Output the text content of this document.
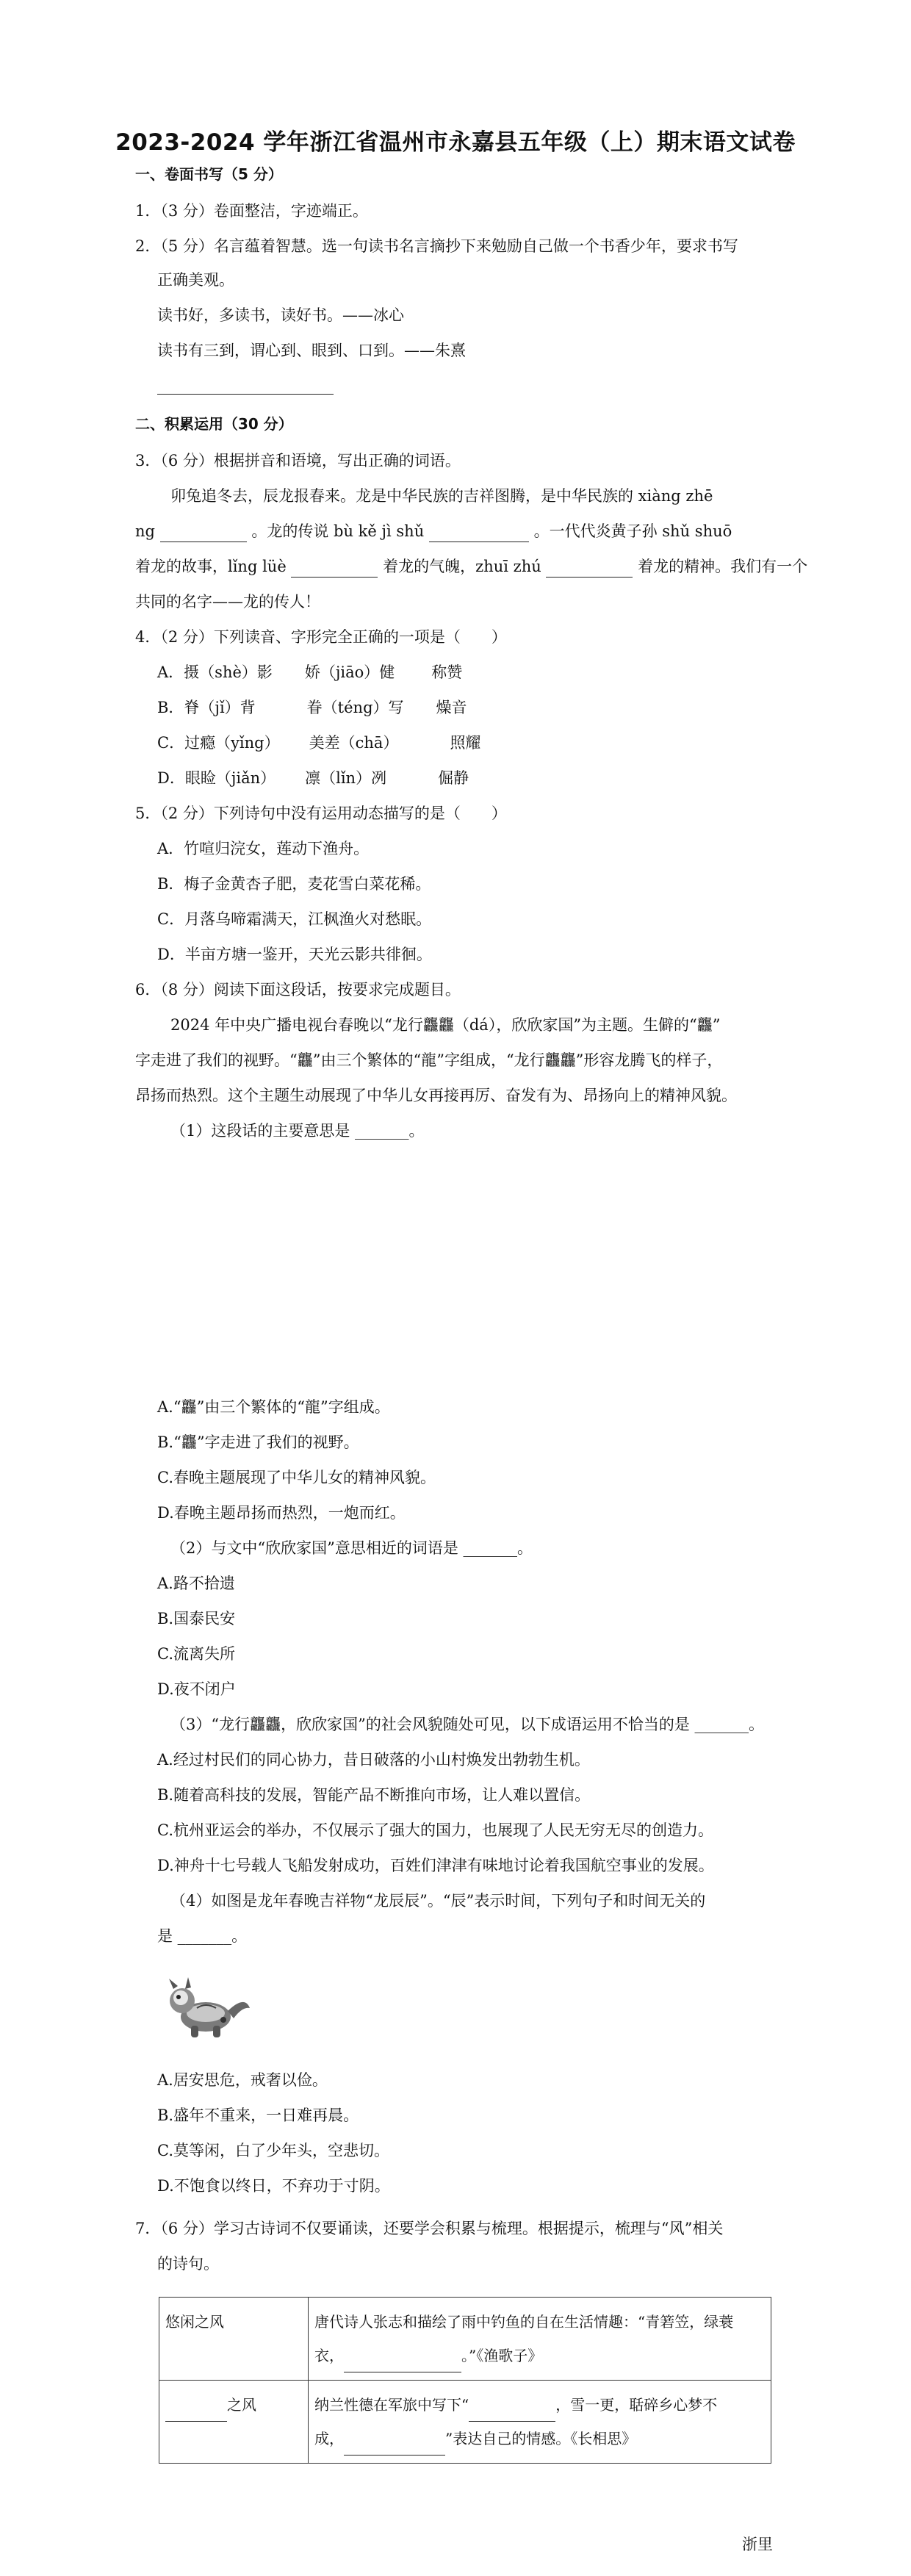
2023-2024 学年浙江省温州市永嘉县五年级（上）期末语文试卷
一、卷面书写（5 分）
1．（3 分）卷面整洁，字迹端正。
2．（5 分）名言蕴着智慧。选一句读书名言摘抄下来勉励自己做一个书香少年，要求书写
正确美观。
读书好，多读书，读好书。——冰心
读书有三到，谓心到、眼到、口到。——朱熹
二、积累运用（30 分）
3．（6 分）根据拼音和语境，写出正确的词语。
卯兔追冬去，辰龙报春来。龙是中华民族的吉祥图腾，是中华民族的 xiàng zhē
ng	。龙的传说 bù kě jì shǔ	。一代代炎黄子孙 shǔ shuō
着龙的故事，lǐng lüè	着龙的气魄，zhuī zhú	着龙的精神。我们有一个
共同的名字——龙的传人！
4．（2 分）下列读音、字形完全正确的一项是（　　）
A．摄（shè）影 娇（jiāo）健 称赞
B．脊（jǐ）背	眷（téng）写 燥音
C．过瘾（yǐng） 美差（chā）	照耀
D．眼睑（jiǎn） 凛（lǐn）冽	倔静
5．（2 分）下列诗句中没有运用动态描写的是（　　）
A．竹喧归浣女，莲动下渔舟。
B．梅子金黄杏子肥，麦花雪白菜花稀。
C．月落乌啼霜满天，江枫渔火对愁眠。
D．半亩方塘一鉴开，天光云影共徘徊。
6．（8 分）阅读下面这段话，按要求完成题目。
2024 年中央广播电视台春晚以“龙行龘龘（dá），欣欣家国”为主题。生僻的“龘”
字走进了我们的视野。“龘”由三个繁体的“龍”字组成，“龙行龘龘”形容龙腾飞的样子，
昂扬而热烈。这个主题生动展现了中华儿女再接再厉、奋发有为、昂扬向上的精神风貌。
（1）这段话的主要意思是 _______。
A.“龘”由三个繁体的“龍”字组成。
B.“龘”字走进了我们的视野。
C.春晚主题展现了中华儿女的精神风貌。
D.春晚主题昂扬而热烈，一炮而红。
（2）与文中“欣欣家国”意思相近的词语是 _______。
A.路不拾遗
B.国泰民安
C.流离失所
D.夜不闭户
（3）“龙行龘龘，欣欣家国”的社会风貌随处可见，以下成语运用不恰当的是 _______。
A.经过村民们的同心协力，昔日破落的小山村焕发出勃勃生机。
B.随着高科技的发展，智能产品不断推向市场，让人难以置信。
C.杭州亚运会的举办，不仅展示了强大的国力，也展现了人民无穷无尽的创造力。
D.神舟十七号载人飞船发射成功，百姓们津津有味地讨论着我国航空事业的发展。
（4）如图是龙年春晚吉祥物“龙辰辰”。“辰”表示时间，下列句子和时间无关的
是 _______。
A.居安思危，戒奢以俭。
B.盛年不重来，一日难再晨。
C.莫等闲，白了少年头，空悲切。
D.不饱食以终日，不弃功于寸阴。
7．（6 分）学习古诗词不仅要诵读，还要学会积累与梳理。根据提示，梳理与“风”相关
的诗句。
悠闲之风	唐代诗人张志和描绘了雨中钓鱼的自在生活情趣：“青箬笠，绿蓑
衣， 。”《渔歌子》

之风	纳兰性德在军旅中写下“ ，雪一更，聒碎乡心梦不
成， ”表达自己的情感。《长相思》
浙里
